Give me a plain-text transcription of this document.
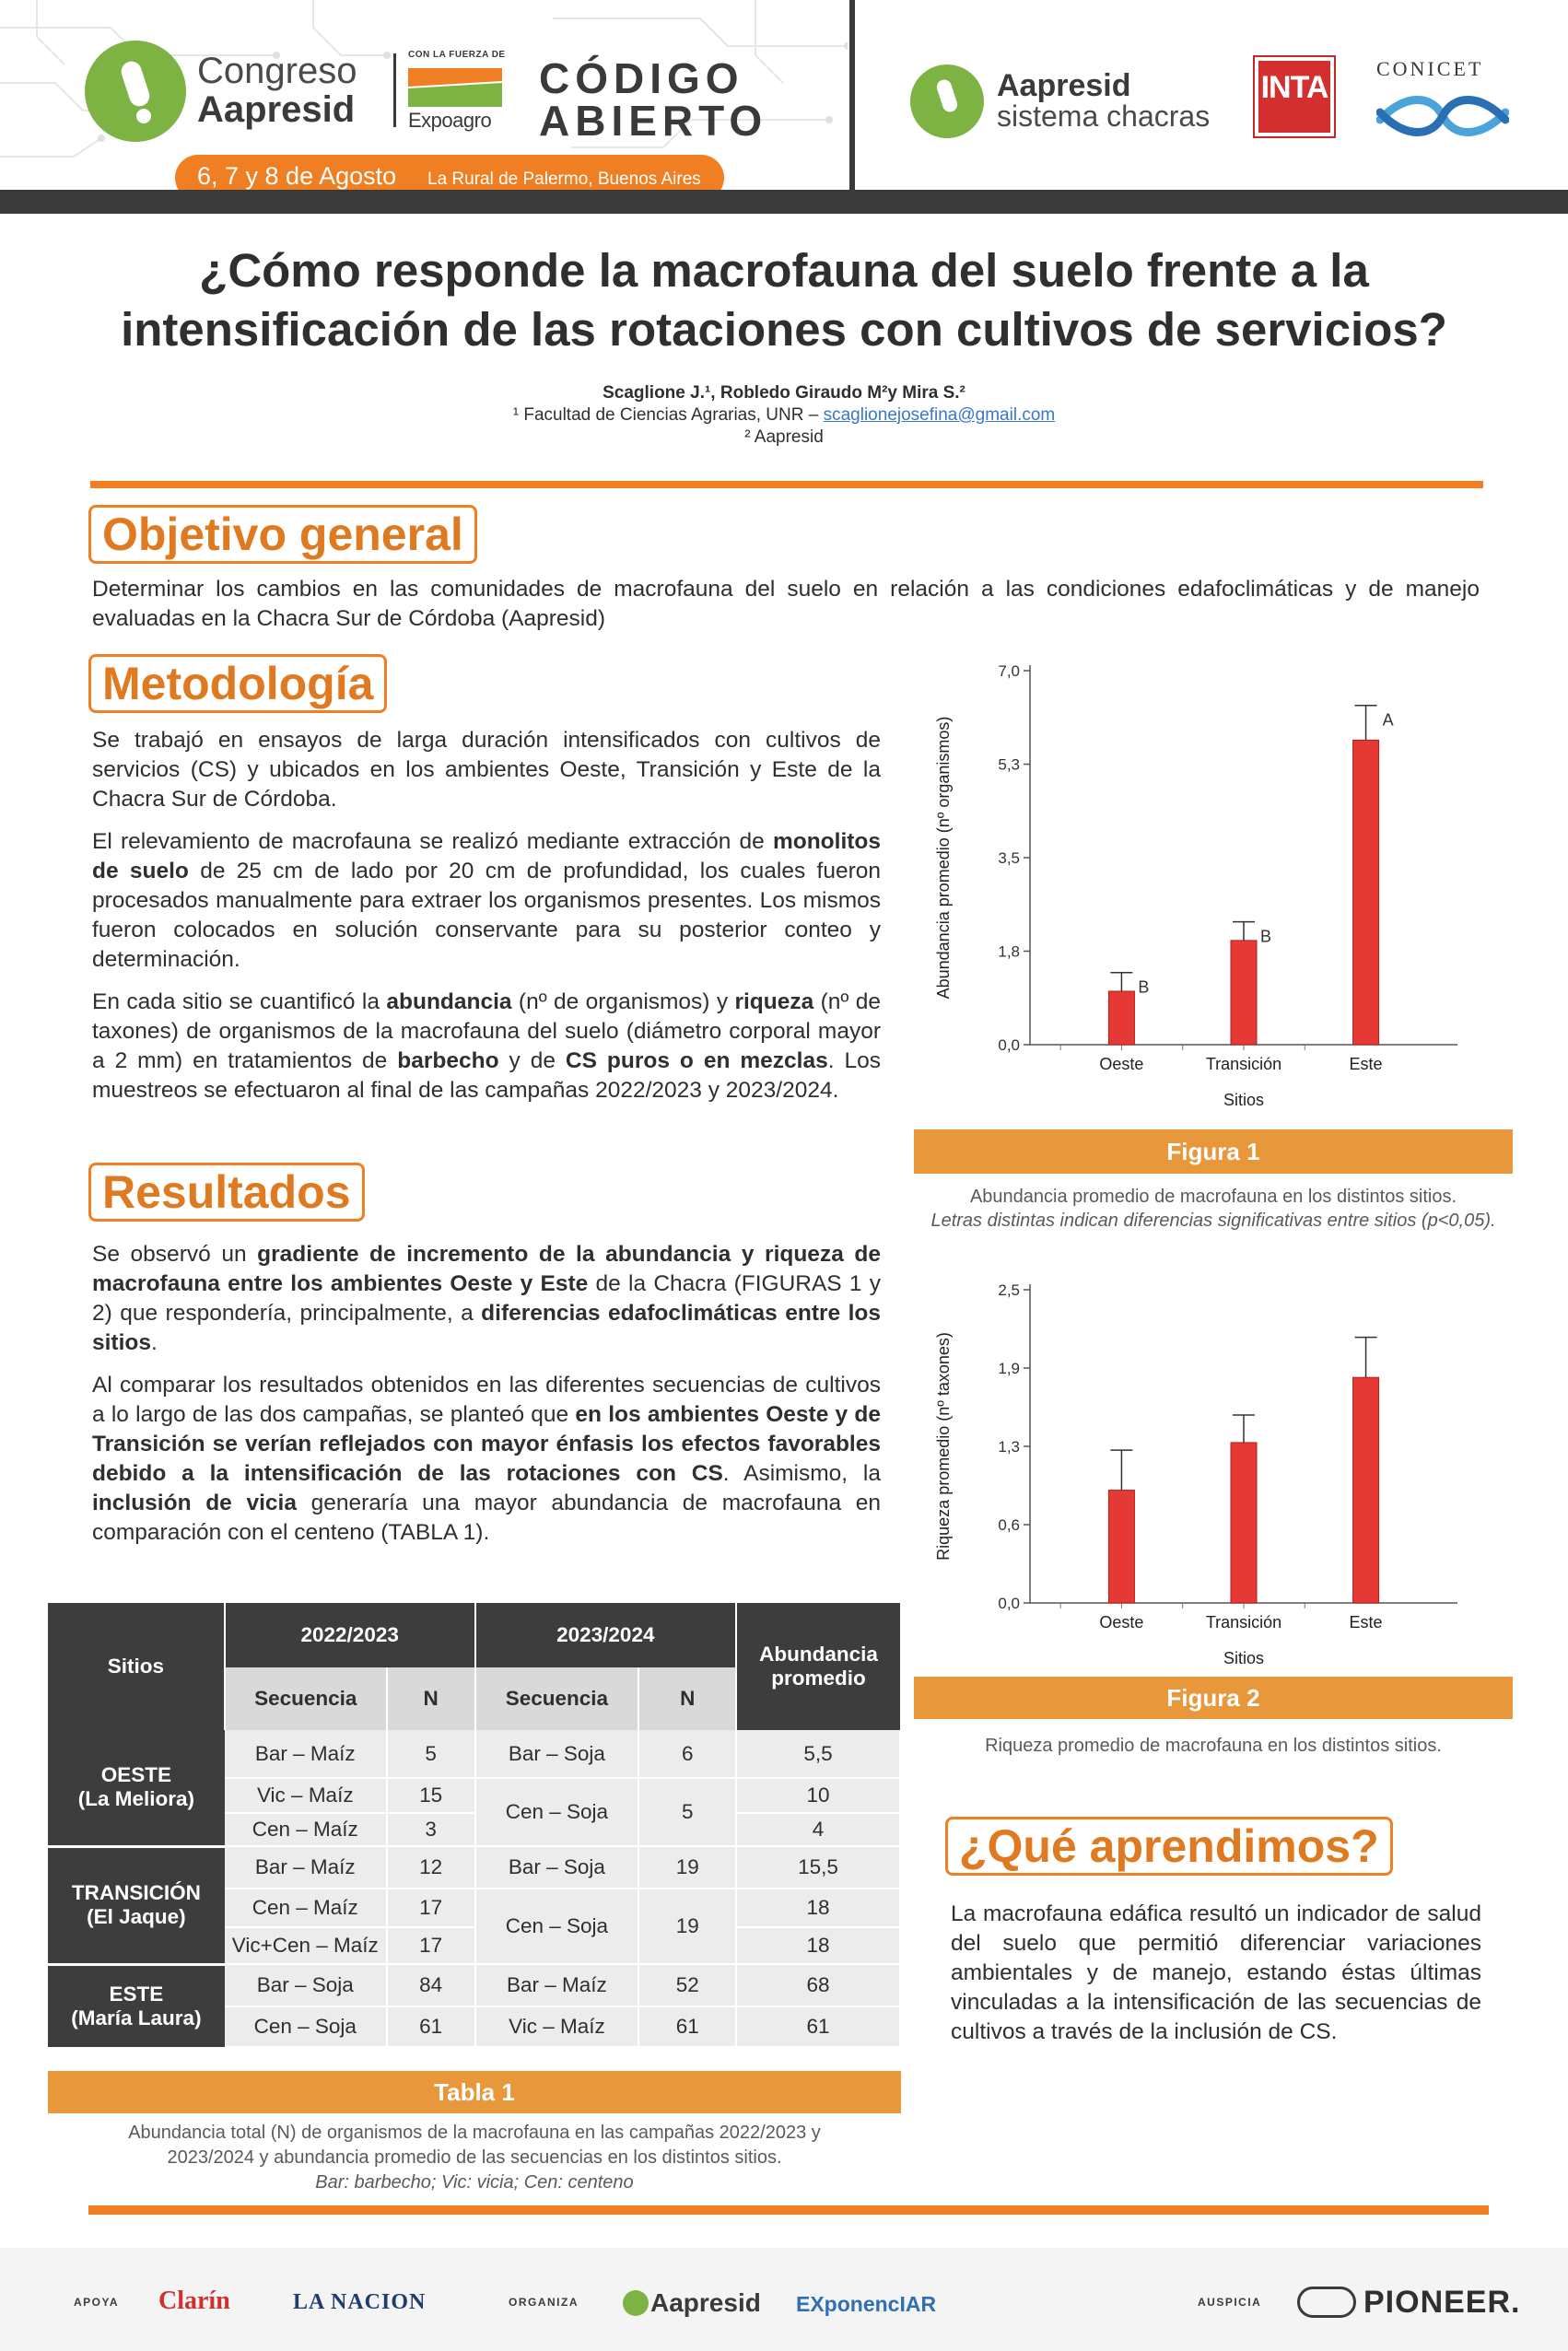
Congreso
Aapresid
CON LA FUERZA DE
Expoagro
CÓDIGO
ABIERTO
6, 7 y 8 de Agosto La Rural de Palermo, Buenos Aires
Aapresid
sistema chacras
INTA
CONICET
¿Cómo responde la macrofauna del suelo frente a la
intensificación de las rotaciones con cultivos de servicios?
Scaglione J.¹, Robledo Giraudo M²y Mira S.²
¹ Facultad de Ciencias Agrarias, UNR – scaglionejosefina@gmail.com
² Aapresid
Objetivo general
Determinar los cambios en las comunidades de macrofauna del suelo en relación a las condiciones edafoclimáticas y de manejo evaluadas en la Chacra Sur de Córdoba (Aapresid)
Metodología

Se trabajó en ensayos de larga duración intensificados con cultivos de servicios (CS) y ubicados en los ambientes Oeste, Transición y Este de la Chacra Sur de Córdoba.

El relevamiento de macrofauna se realizó mediante extracción de monolitos de suelo de 25 cm de lado por 20 cm de profundidad, los cuales fueron procesados manualmente para extraer los organismos presentes. Los mismos fueron colocados en solución conservante para su posterior conteo y determinación.

En cada sitio se cuantificó la abundancia (nº de organismos) y riqueza (nº de taxones) de organismos de la macrofauna del suelo (diámetro corporal mayor a 2 mm) en tratamientos de barbecho y de CS puros o en mezclas. Los muestreos se efectuaron al final de las campañas 2022/2023 y 2023/2024.

Resultados

Se observó un gradiente de incremento de la abundancia y riqueza de macrofauna entre los ambientes Oeste y Este de la Chacra (FIGURAS 1 y 2) que respondería, principalmente, a diferencias edafoclimáticas entre los sitios.

Al comparar los resultados obtenidos en las diferentes secuencias de cultivos a lo largo de las dos campañas, se planteó que en los ambientes Oeste y de Transición se verían reflejados con mayor énfasis los efectos favorables debido a la intensificación de las rotaciones con CS. Asimismo, la inclusión de vicia generaría una mayor abundancia de macrofauna en comparación con el centeno (TABLA 1).

Sitios	2022/2023		2023/2024		Abundancia
promedio
	Secuencia	N	Secuencia	N	
OESTE
(La Meliora)	Bar – Maíz	5	Bar – Soja	6	5,5
	Vic – Maíz	15	Cen – Soja	5	10
	Cen – Maíz	3			4
TRANSICIÓN
(El Jaque)	Bar – Maíz	12	Bar – Soja	19	15,5
	Cen – Maíz	17	Cen – Soja	19	18
	Vic+Cen – Maíz	17			18
ESTE
(María Laura)	Bar – Soja	84	Bar – Maíz	52	68
	Cen – Soja	61	Vic – Maíz	61	61
Tabla 1
Abundancia total (N) de organismos de la macrofauna en las campañas 2022/2023 y
2023/2024 y abundancia promedio de las secuencias en los distintos sitios.
Bar: barbecho; Vic: vicia; Cen: centeno
0,0
1,8
3,5
5,3
7,0
B
Oeste
B
Transición
A
Este
Sitios
Abundancia promedio (nº organismos)
Figura 1
Abundancia promedio de macrofauna en los distintos sitios.
Letras distintas indican diferencias significativas entre sitios (p<0,05).
0,0
0,6
1,3
1,9
2,5
Oeste	Transición	Este
Sitios
Riqueza promedio (nº taxones)
Figura 2
Riqueza promedio de macrofauna en los distintos sitios.
¿Qué aprendimos?
La macrofauna edáfica resultó un indicador de salud del suelo que permitió diferenciar variaciones ambientales y de manejo, estando éstas últimas vinculadas a la intensificación de las secuencias de cultivos a través de la inclusión de CS.
APOYA Clarín	LA NACION	ORGANIZA	Aapresid EXponencIAR	AUSPICIA	PIONEER.
